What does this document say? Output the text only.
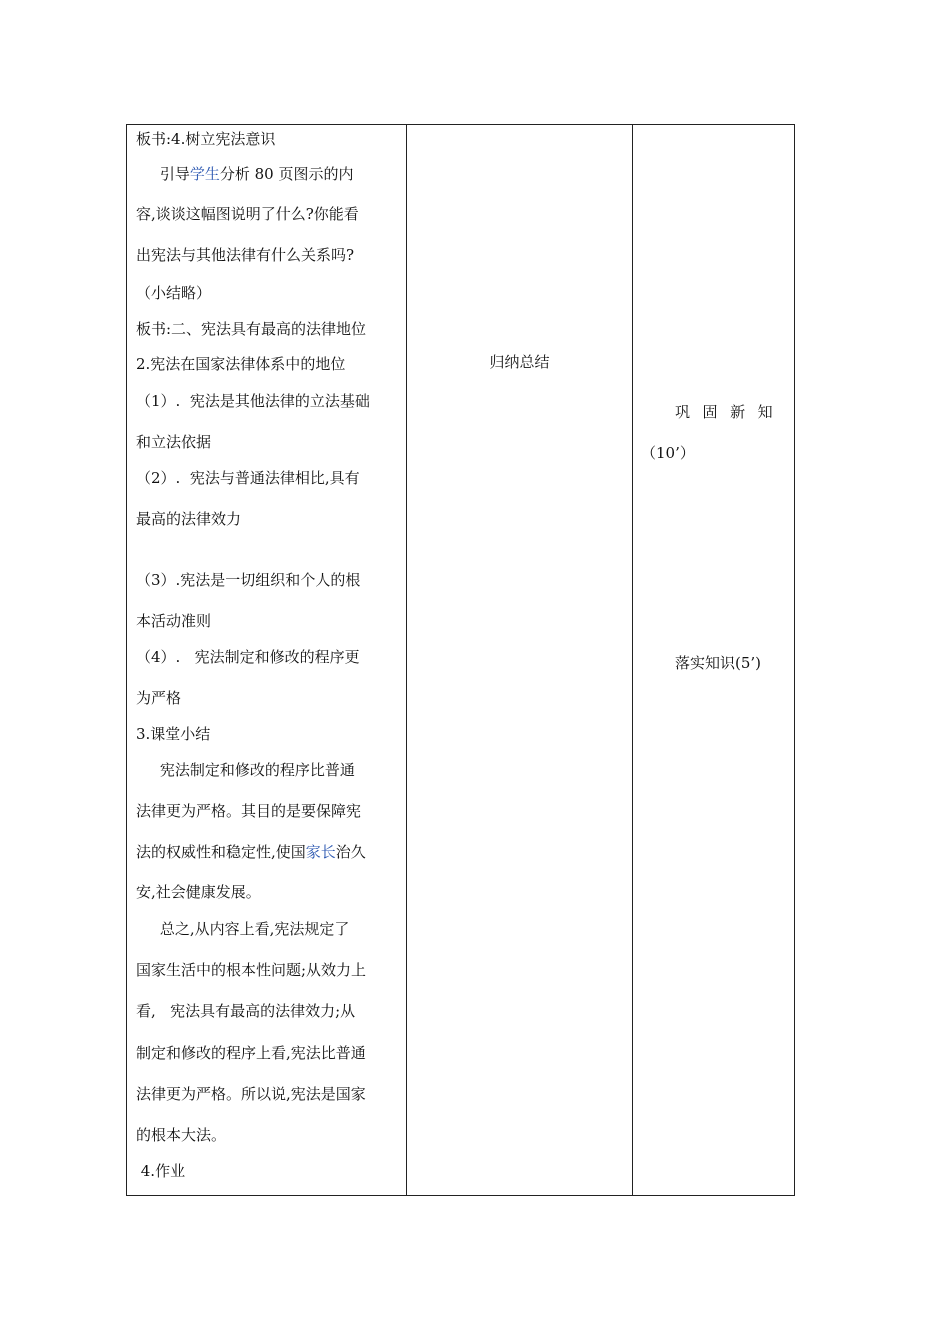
板书:4.树立宪法意识
引导学生分析 80 页图示的内
容,谈谈这幅图说明了什么?你能看
出宪法与其他法律有什么关系吗?
（小结略）
板书:二、宪法具有最高的法律地位
2.宪法在国家法律体系中的地位
（1）.  宪法是其他法律的立法基础
和立法依据
（2）.  宪法与普通法律相比,具有
最高的法律效力
（3）.宪法是一切组织和个人的根
本活动准则
（4）.   宪法制定和修改的程序更
为严格
3.课堂小结
宪法制定和修改的程序比普通
法律更为严格。其目的是要保障宪
法的权威性和稳定性,使国家长治久
安,社会健康发展。
总之,从内容上看,宪法规定了
国家生活中的根本性问题;从效力上
看,   宪法具有最高的法律效力;从
制定和修改的程序上看,宪法比普通
法律更为严格。所以说,宪法是国家
的根本大法。
4.作业
归纳总结
巩  固  新  知
（10’）
落实知识(5’)
